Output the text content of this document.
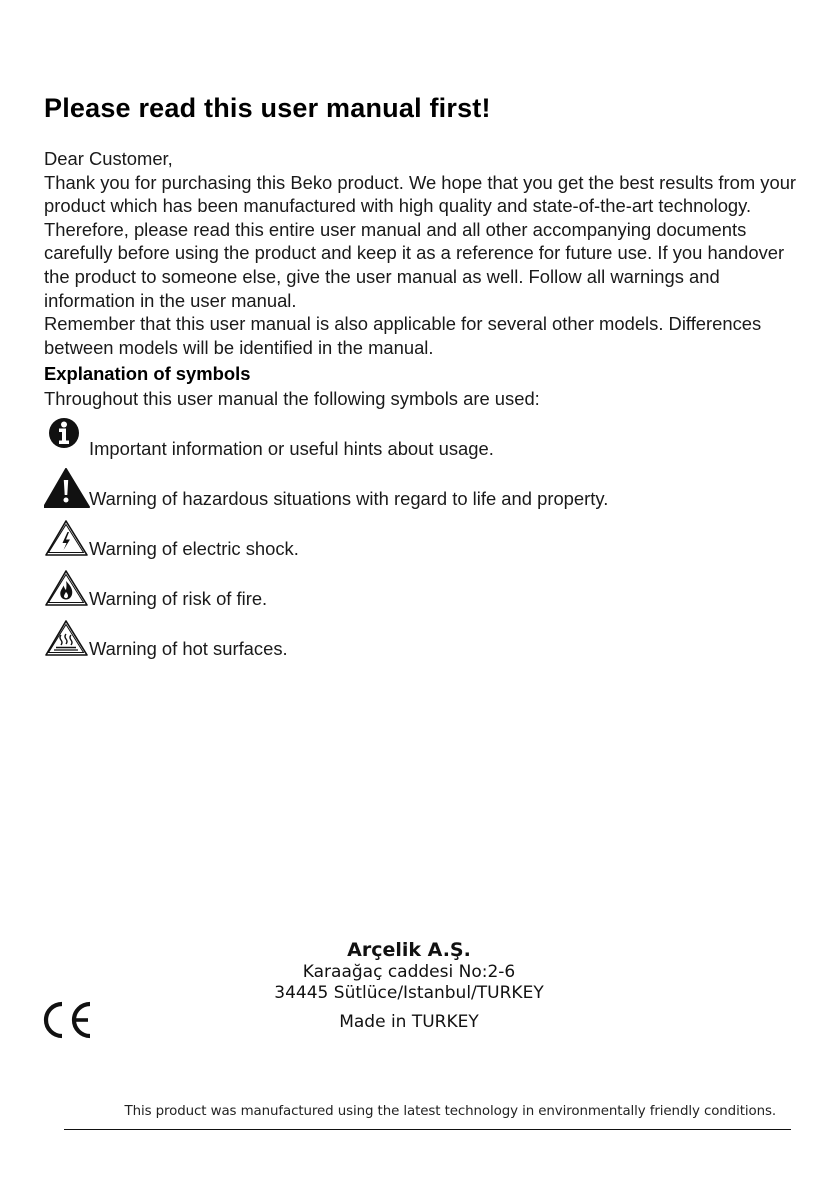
Please read this user manual first!

Dear Customer,

Thank you for purchasing this Beko product. We hope that you get the best results from your product which has been manufactured with high quality and state-of-the-art technology. Therefore, please read this entire user manual and all other accompanying documents carefully before using the product and keep it as a reference for future use. If you handover the product to someone else, give the user manual as well. Follow all warnings and information in the user manual.

Remember that this user manual is also applicable for several other models. Differences between models will be identified in the manual.

Explanation of symbols

Throughout this user manual the following symbols are used:

Important information or useful hints about usage.
Warning of hazardous situations with regard to life and property.
Warning of electric shock.
Warning of risk of fire.
Warning of hot surfaces.
Arçelik A.Ş.
Karaağaç caddesi No:2-6
34445 Sütlüce/Istanbul/TURKEY
Made in TURKEY
This product was manufactured using the latest technology in environmentally friendly conditions.
